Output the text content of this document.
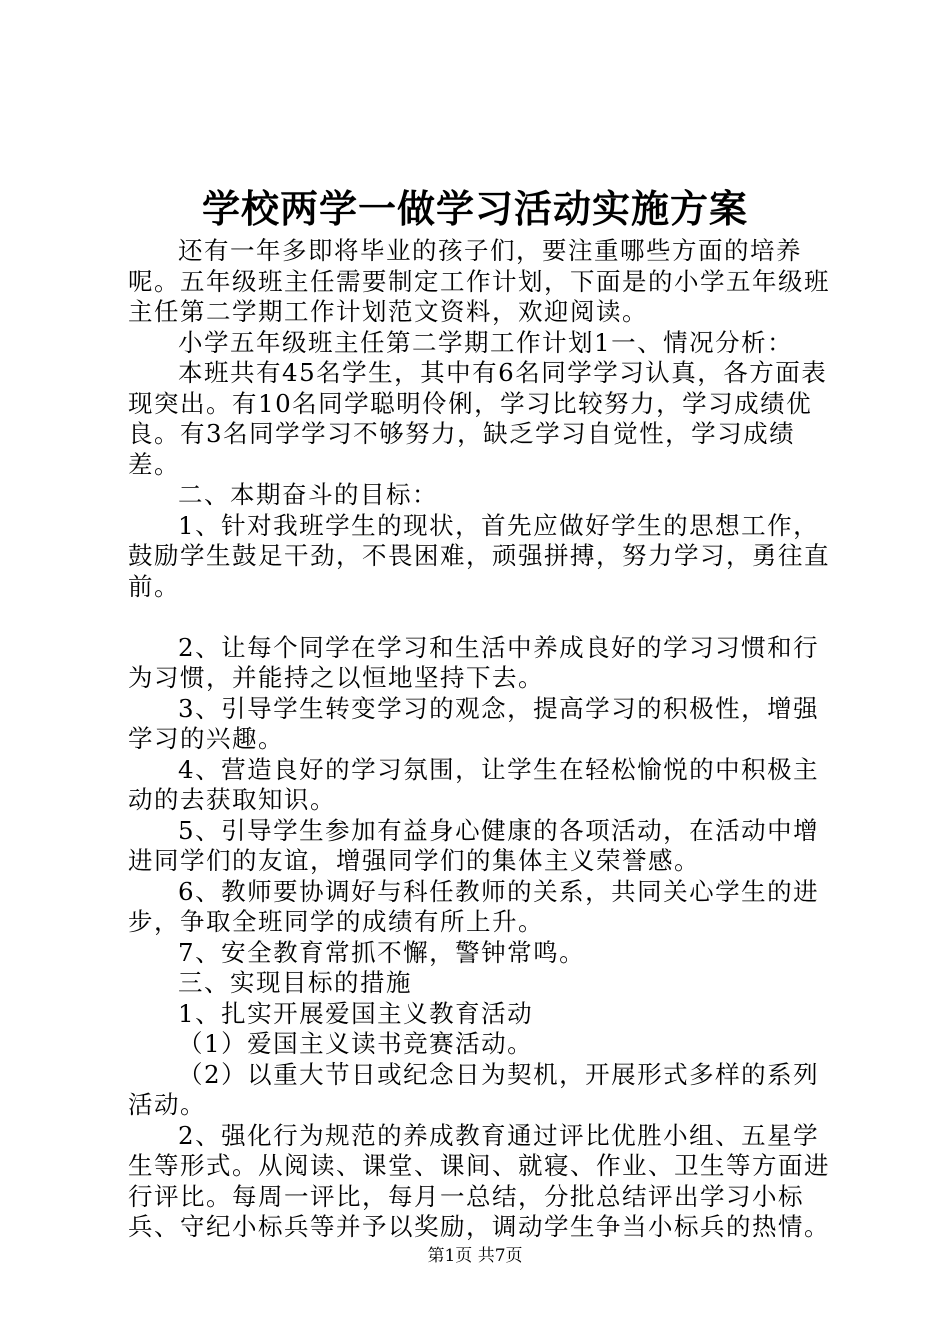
学校两学一做学习活动实施方案

还有一年多即将毕业的孩子们，要注重哪些方面的培养呢。五年级班主任需要制定工作计划，下面是的小学五年级班主任第二学期工作计划范文资料，欢迎阅读。

小学五年级班主任第二学期工作计划1一、情况分析：

本班共有45名学生，其中有6名同学学习认真，各方面表现突出。有10名同学聪明伶俐，学习比较努力，学习成绩优良。有3名同学学习不够努力，缺乏学习自觉性，学习成绩差。

二、本期奋斗的目标：

1、针对我班学生的现状，首先应做好学生的思想工作，鼓励学生鼓足干劲，不畏困难，顽强拼搏，努力学习，勇往直前。

2、让每个同学在学习和生活中养成良好的学习习惯和行为习惯，并能持之以恒地坚持下去。

3、引导学生转变学习的观念，提高学习的积极性，增强学习的兴趣。

4、营造良好的学习氛围，让学生在轻松愉悦的中积极主动的去获取知识。

5、引导学生参加有益身心健康的各项活动，在活动中增进同学们的友谊，增强同学们的集体主义荣誉感。

6、教师要协调好与科任教师的关系，共同关心学生的进步，争取全班同学的成绩有所上升。

7、安全教育常抓不懈，警钟常鸣。

三、实现目标的措施

1、扎实开展爱国主义教育活动

（1）爱国主义读书竞赛活动。

（2）以重大节日或纪念日为契机，开展形式多样的系列活动。

2、强化行为规范的养成教育通过评比优胜小组、五星学生等形式。从阅读、课堂、课间、就寝、作业、卫生等方面进行评比。每周一评比，每月一总结，分批总结评出学习小标兵、守纪小标兵等并予以奖励，调动学生争当小标兵的热情。

第1页 共7页
